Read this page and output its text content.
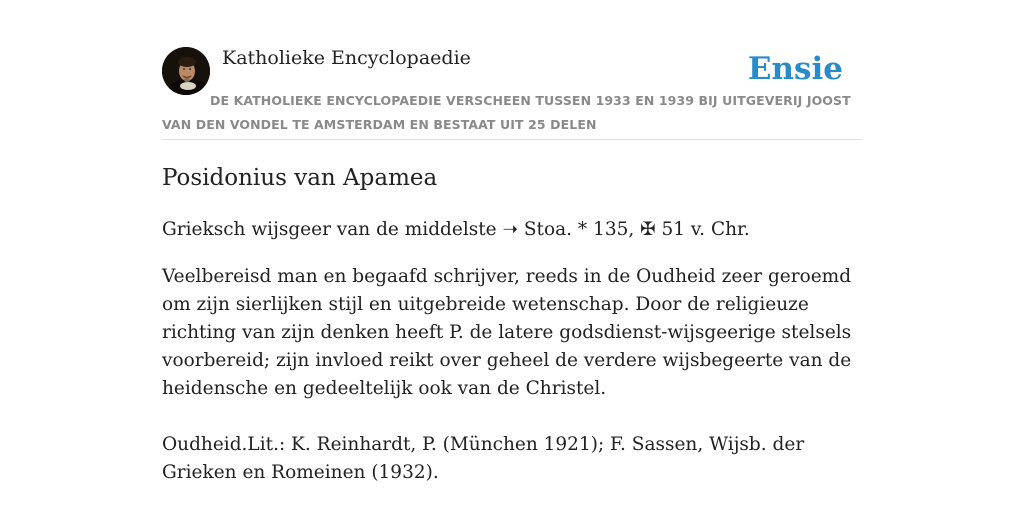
Katholieke Encyclopaedie	Ensie
DE KATHOLIEKE ENCYCLOPAEDIE VERSCHEEN TUSSEN 1933 EN 1939 BIJ UITGEVERIJ JOOST VAN DEN VONDEL TE AMSTERDAM EN BESTAAT UIT 25 DELEN
Posidonius van Apamea

Grieksch wijsgeer van de middelste ➝ Stoa. * 135, ✠ 51 v. Chr.

Veelbereisd man en begaafd schrijver, reeds in de Oudheid zeer geroemd om zijn sierlijken stijl en uitgebreide wetenschap. Door de religieuze richting van zijn denken heeft P. de latere godsdienst-wijsgeerige stelsels voorbereid; zijn invloed reikt over geheel de verdere wijsbegeerte van de heidensche en gedeeltelijk ook van de Christel.

Oudheid.Lit.: K. Reinhardt, P. (München 1921); F. Sassen, Wijsb. der Grieken en Romeinen (1932).
